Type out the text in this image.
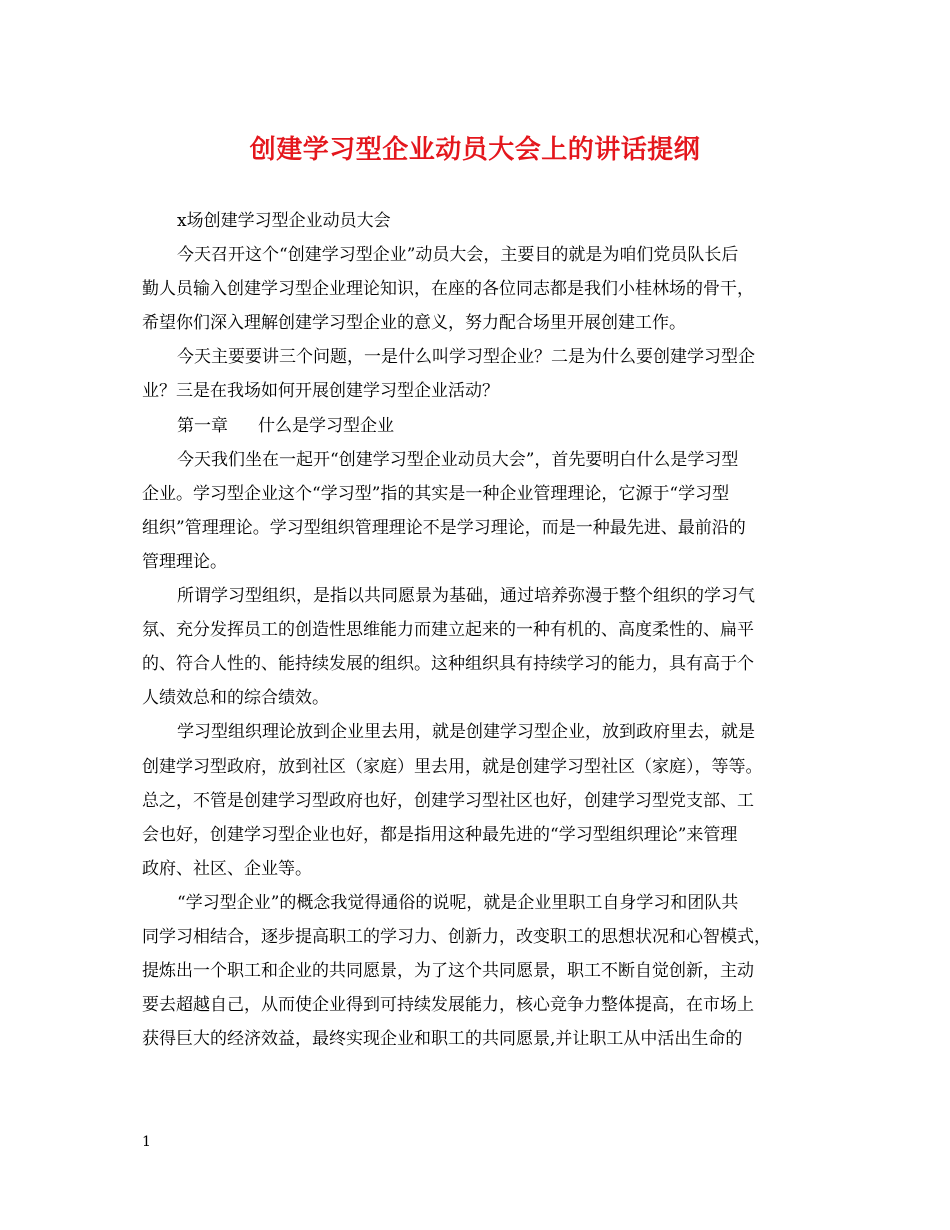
创建学习型企业动员大会上的讲话提纲
x场创建学习型企业动员大会
今天召开这个“创建学习型企业”动员大会，主要目的就是为咱们党员队长后
勤人员输入创建学习型企业理论知识，在座的各位同志都是我们小桂林场的骨干，
希望你们深入理解创建学习型企业的意义，努力配合场里开展创建工作。
今天主要要讲三个问题，一是什么叫学习型企业？二是为什么要创建学习型企
业？三是在我场如何开展创建学习型企业活动？
第一章 什么是学习型企业
今天我们坐在一起开“创建学习型企业动员大会”，首先要明白什么是学习型
企业。学习型企业这个“学习型”指的其实是一种企业管理理论，它源于“学习型
组织”管理理论。学习型组织管理理论不是学习理论，而是一种最先进、最前沿的
管理理论。
所谓学习型组织，是指以共同愿景为基础，通过培养弥漫于整个组织的学习气
氛、充分发挥员工的创造性思维能力而建立起来的一种有机的、高度柔性的、扁平
的、符合人性的、能持续发展的组织。这种组织具有持续学习的能力，具有高于个
人绩效总和的综合绩效。
学习型组织理论放到企业里去用，就是创建学习型企业，放到政府里去，就是
创建学习型政府，放到社区（家庭）里去用，就是创建学习型社区（家庭），等等。
总之，不管是创建学习型政府也好，创建学习型社区也好，创建学习型党支部、工
会也好，创建学习型企业也好，都是指用这种最先进的“学习型组织理论”来管理
政府、社区、企业等。
“学习型企业”的概念我觉得通俗的说呢，就是企业里职工自身学习和团队共
同学习相结合，逐步提高职工的学习力、创新力，改变职工的思想状况和心智模式，
提炼出一个职工和企业的共同愿景，为了这个共同愿景，职工不断自觉创新，主动
要去超越自己，从而使企业得到可持续发展能力，核心竞争力整体提高，在市场上
获得巨大的经济效益，最终实现企业和职工的共同愿景,并让职工从中活出生命的
1
